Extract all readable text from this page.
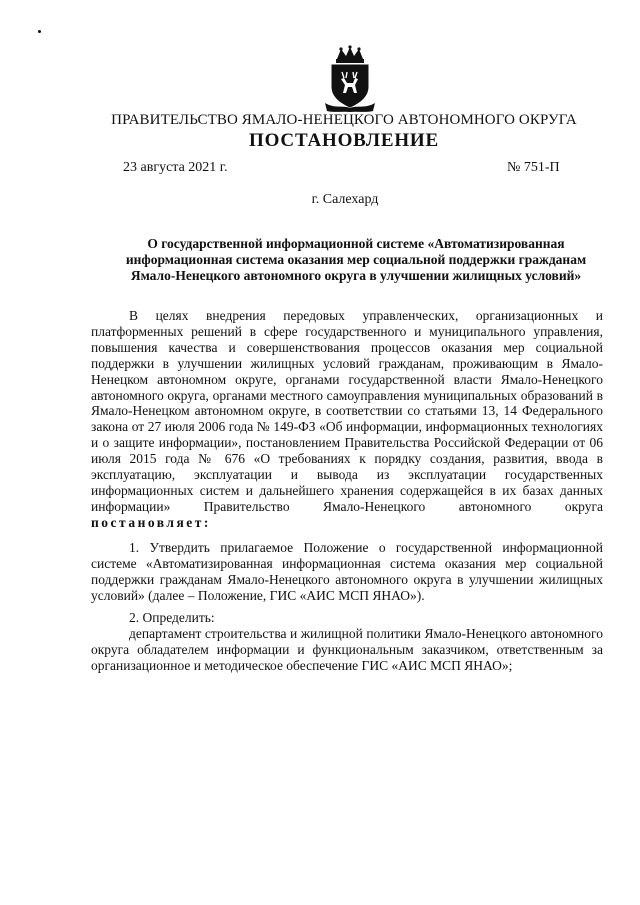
ПРАВИТЕЛЬСТВО ЯМАЛО-НЕНЕЦКОГО АВТОНОМНОГО ОКРУГА
ПОСТАНОВЛЕНИЕ
23 августа 2021 г.	№ 751-П
г. Салехард
О государственной информационной системе «Автоматизированная информационная система оказания мер социальной поддержки гражданам Ямало-Ненецкого автономного округа в улучшении жилищных условий»
В целях внедрения передовых управленческих, организационных и платформенных решений в сфере государственного и муниципального управления, повышения качества и совершенствования процессов оказания мер социальной поддержки в улучшении жилищных условий гражданам, проживающим в Ямало-Ненецком автономном округе, органами государственной власти Ямало-Ненецкого автономного округа, органами местного самоуправления муниципальных образований в Ямало-Ненецком автономном округе, в соответствии со статьями 13, 14 Федерального закона от 27 июля 2006 года № 149-ФЗ «Об информации, информационных технологиях и о защите информации», постановлением Правительства Российской Федерации от 06 июля 2015 года № 676 «О требованиях к порядку создания, развития, ввода в эксплуатацию, эксплуатации и вывода из эксплуатации государственных информационных систем и дальнейшего хранения содержащейся в их базах данных информации» Правительство Ямало-Ненецкого автономного округа постановляет:
1. Утвердить прилагаемое Положение о государственной информационной системе «Автоматизированная информационная система оказания мер социальной поддержки гражданам Ямало-Ненецкого автономного округа в улучшении жилищных условий» (далее – Положение, ГИС «АИС МСП ЯНАО»).
2. Определить:
департамент строительства и жилищной политики Ямало-Ненецкого автономного округа обладателем информации и функциональным заказчиком, ответственным за организационное и методическое обеспечение ГИС «АИС МСП ЯНАО»;
